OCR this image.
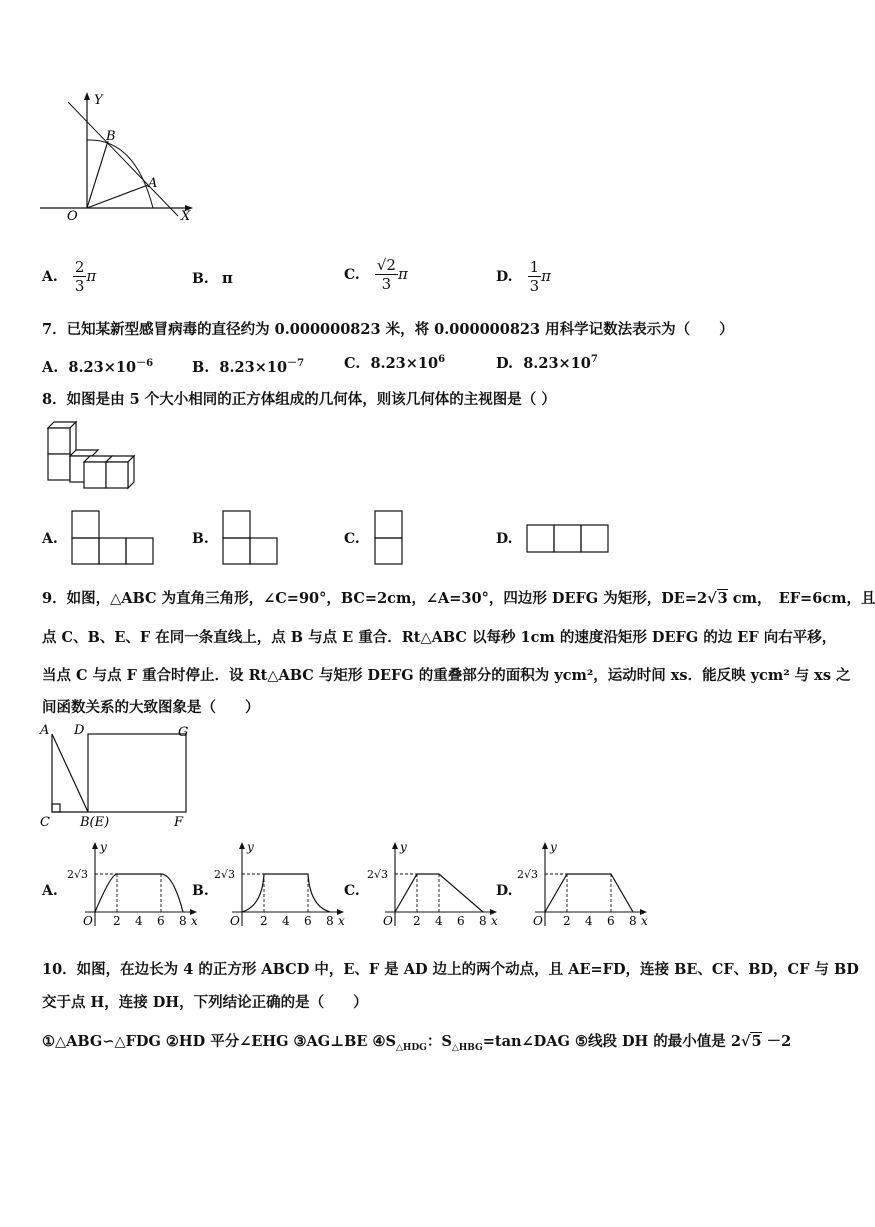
Y
B
A
O	X
A. $\frac{2}{3}$ π	B. π	C. $\frac{√2}{3}$ π	D. $\frac{1}{3}$ π
7．已知某新型感冒病毒的直径约为 0.000000823 米，将 0.000000823 用科学记数法表示为（　　）
A. $8.23\times 10^{-6}$	B. $8.23\times 10^{-7}$	C. $8.23\times 10^6$	D. $8.23\times 10^7$
8．如图是由 5 个大小相同的正方体组成的几何体，则该几何体的主视图是（ ）
A.	B.	C.	D.
9．如图，△ABC 为直角三角形，∠C=90°，BC=2cm，∠A=30°，四边形 DEFG 为矩形，DE=2√3 cm，　EF=6cm，且
点 C、B、E、F 在同一条直线上，点 B 与点 E 重合．Rt△ABC 以每秒 1cm 的速度沿矩形 DEFG 的边 EF 向右平移，
当点 C 与点 F 重合时停止．设 Rt△ABC 与矩形 DEFG 的重叠部分的面积为 ycm²，运动时间 xs．能反映 ycm² 与 xs 之
间函数关系的大致图象是（　　）
A D	G
C B(E)	F
A.
y
2√3
O 2 4 6 8 x
B.
y
2√3
O 2 4 6 8 x
C.
y
2√3
O 2 4 6 8 x
D.
y
2√3
O 2 4 6 8 x
10．如图，在边长为 4 的正方形 ABCD 中，E、F 是 AD 边上的两个动点，且 AE=FD，连接 BE、CF、BD，CF 与 BD
交于点 H，连接 DH，下列结论正确的是（　　）
①△ABG∽△FDG ②HD 平分∠EHG ③AG⊥BE $④S_{\triangle HDG}$：$S_{\triangle HBG}=\tan\angle DAG$ ⑤线段 DH 的最小值是 2√5 －2
